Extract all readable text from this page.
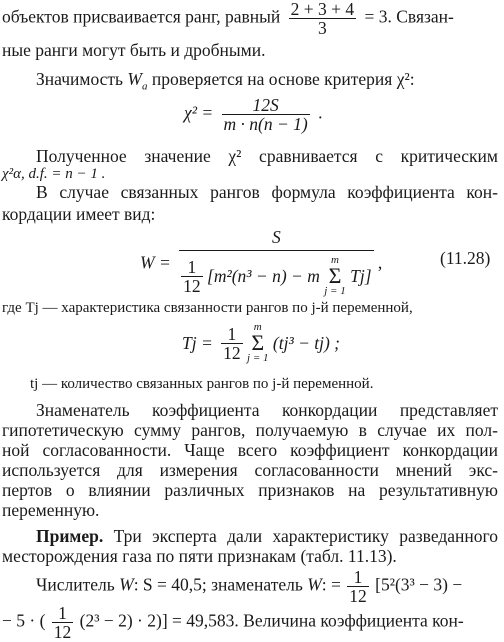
объектов присваивается ранг, равный $\frac{2 + 3 + 4}{3} = 3$. Связан-
ные ранги могут быть и дробными.
Значимость $W_a$ проверяется на основе критерия χ²:
$\chi^2 = \frac{12S}{m \cdot n(n - 1)}$ .
Полученное значение χ² сравнивается с критическим
χ²α, d.f. = n − 1 .
В случае связанных рангов формула коэффициента кон-
кордации имеет вид:
W =
S
$\frac{1}{12} [m^2(n^3 - n) - m$ m
Σ
j = 1 Tj]
,	(11.28)
где Tj — характеристика связанности рангов по j-й переменной,
$Tj = \frac{1}{12}$ m
Σ
j = 1 (tj³ − tj) ;
tj — количество связанных рангов по j-й переменной.
Знаменатель коэффициента конкордации представляет
гипотетическую сумму рангов, получаемую в случае их пол-
ной согласованности. Чаще всего коэффициент конкордации
используется для измерения согласованности мнений экс-
пертов о влиянии различных признаков на результативную
переменную.
Пример. Три эксперта дали характеристику разведанного
месторождения газа по пяти признакам (табл. 11.13).
Числитель W: S = 40,5; знаменатель W: = $\frac{1}{12} [5^2(3^3 - 3)$ −
− 5 · ( $\frac{1}{12} (2^3 - 2) \cdot 2)] = 49,583$. Величина коэффициента кон-
